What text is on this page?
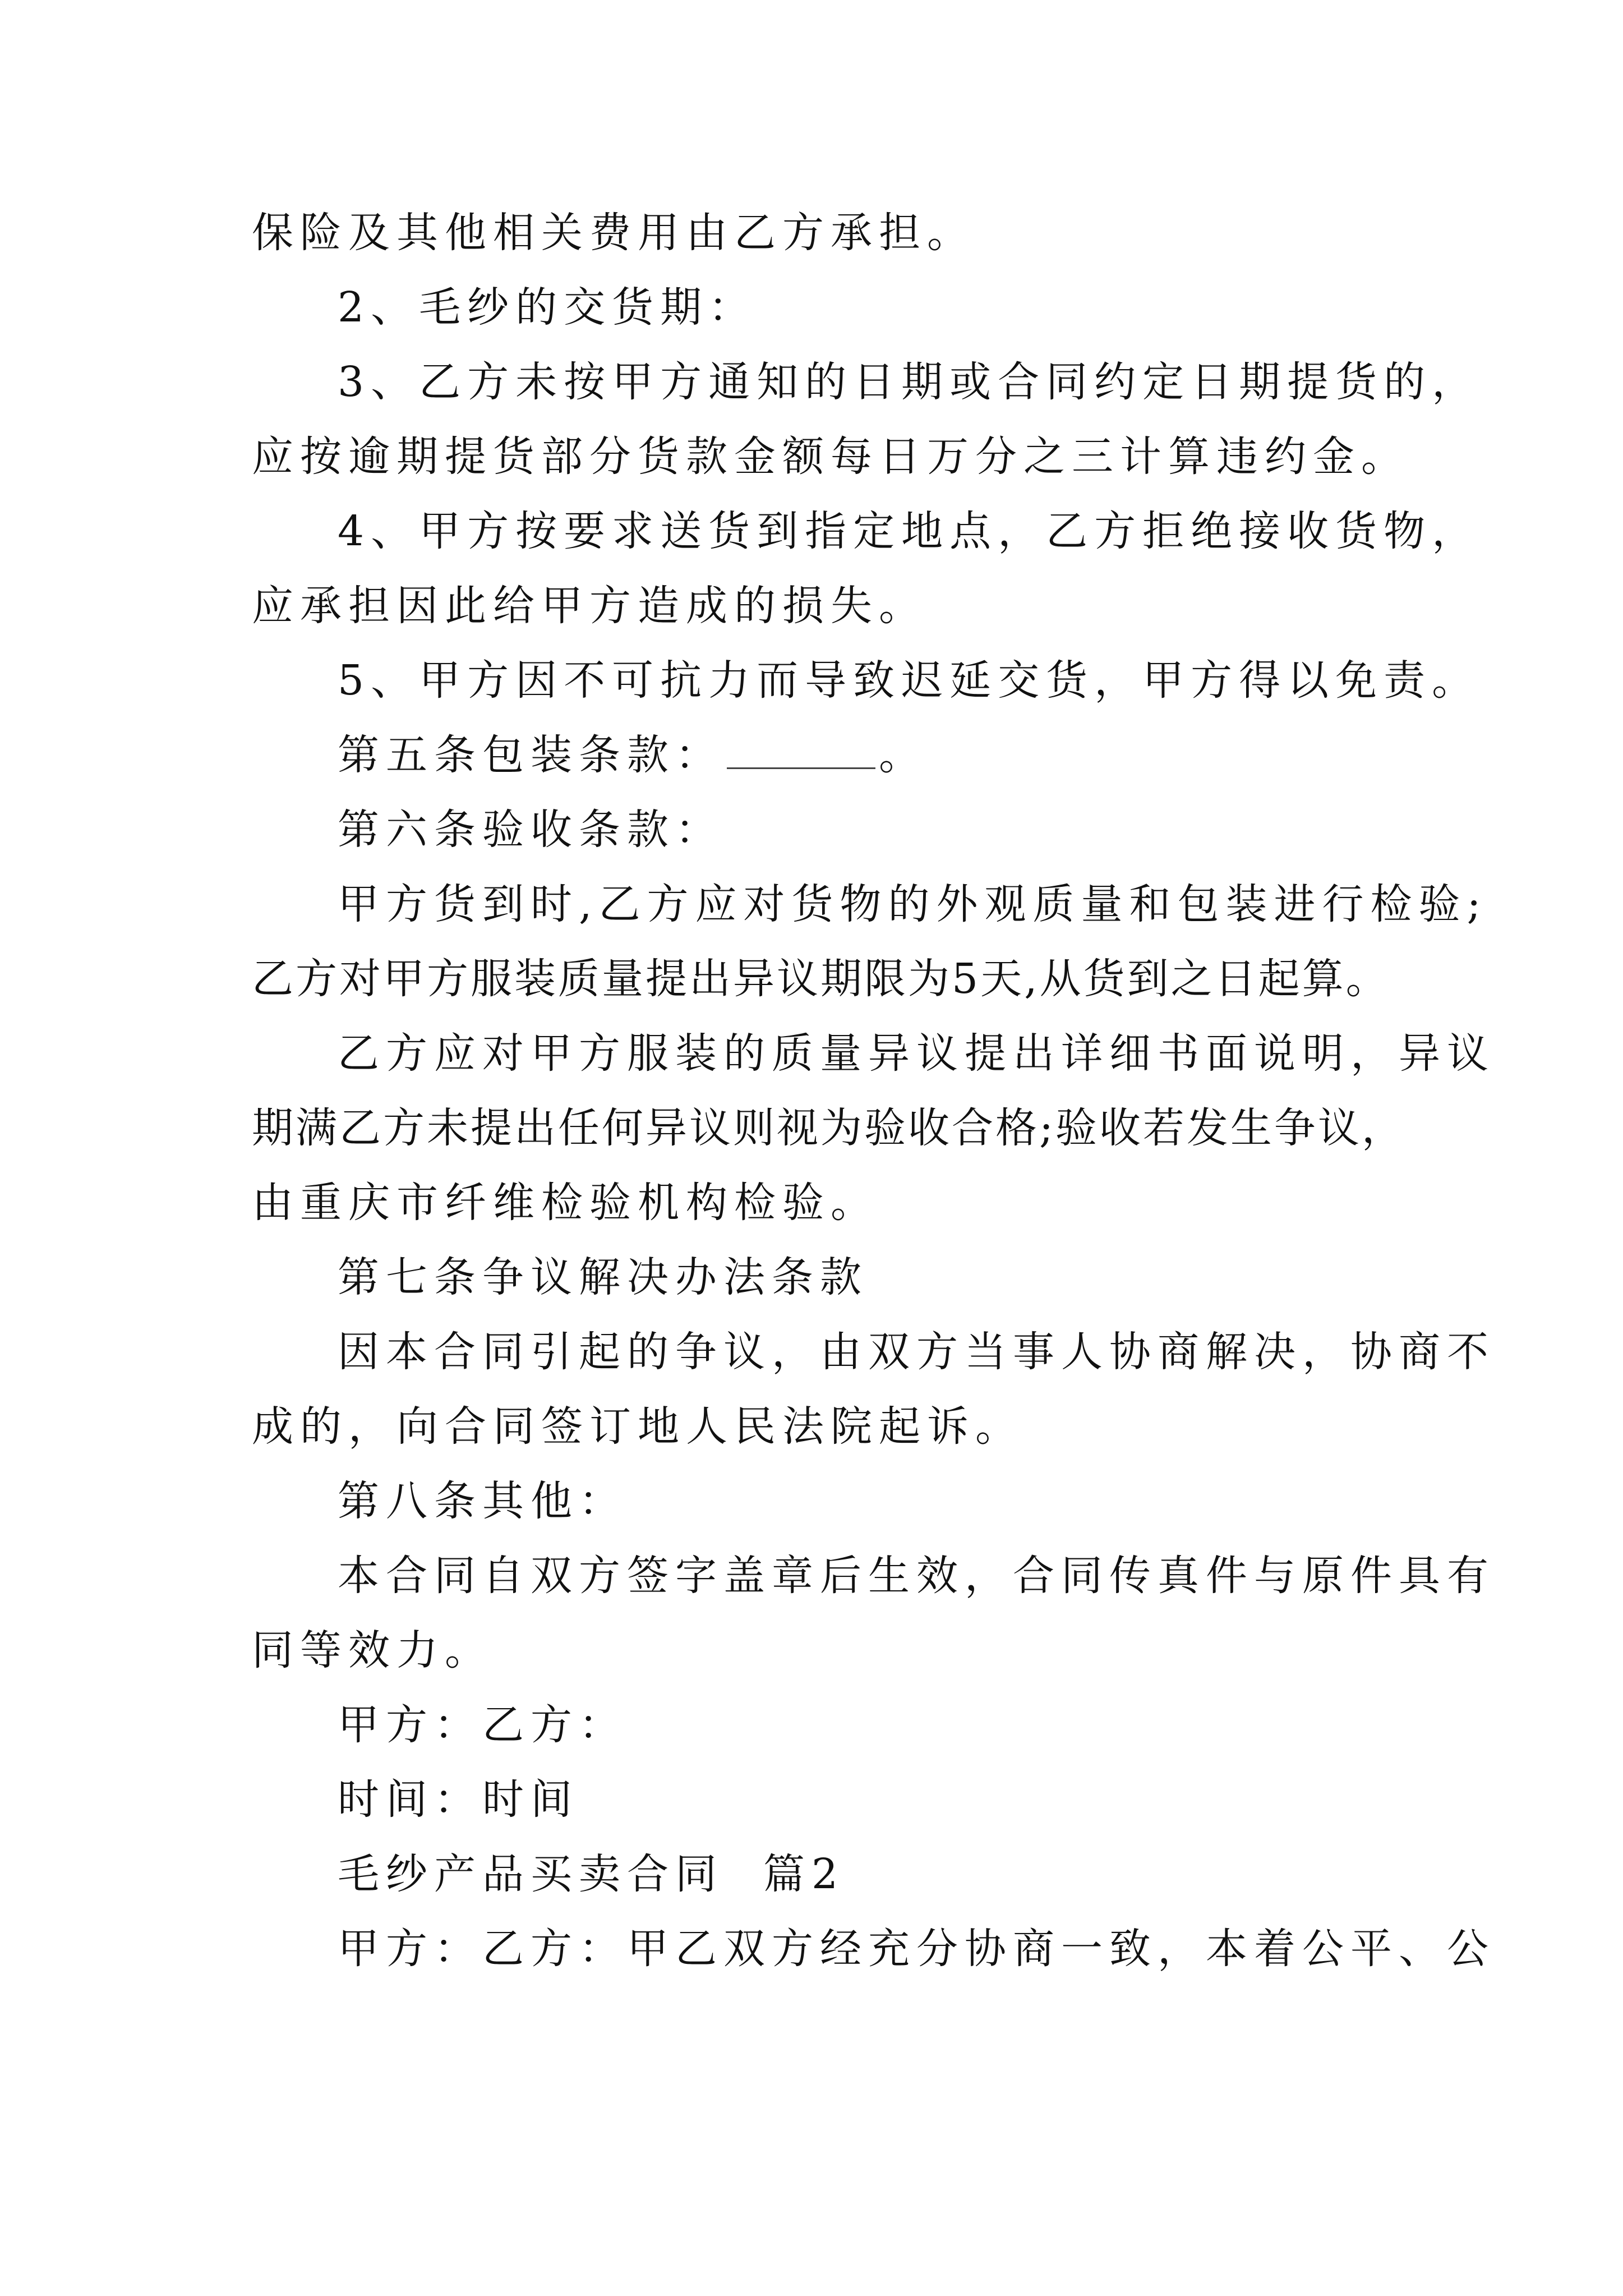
保险及其他相关费用由乙方承担。
2、毛纱的交货期：
3、乙方未按甲方通知的日期或合同约定日期提货的，
应按逾期提货部分货款金额每日万分之三计算违约金。
4、甲方按要求送货到指定地点，乙方拒绝接收货物，
应承担因此给甲方造成的损失。
5、甲方因不可抗力而导致迟延交货，甲方得以免责。
第五条包装条款：	。
第六条验收条款：
甲方货到时,乙方应对货物的外观质量和包装进行检验;
乙方对甲方服装质量提出异议期限为5天,从货到之日起算。
乙方应对甲方服装的质量异议提出详细书面说明，异议
期满乙方未提出任何异议则视为验收合格;验收若发生争议，
由重庆市纤维检验机构检验。
第七条争议解决办法条款
因本合同引起的争议，由双方当事人协商解决，协商不
成的，向合同签订地人民法院起诉。
第八条其他：
本合同自双方签字盖章后生效，合同传真件与原件具有
同等效力。
甲方：乙方：
时间：时间
毛纱产品买卖合同  篇2
甲方：乙方：甲乙双方经充分协商一致，本着公平、公
